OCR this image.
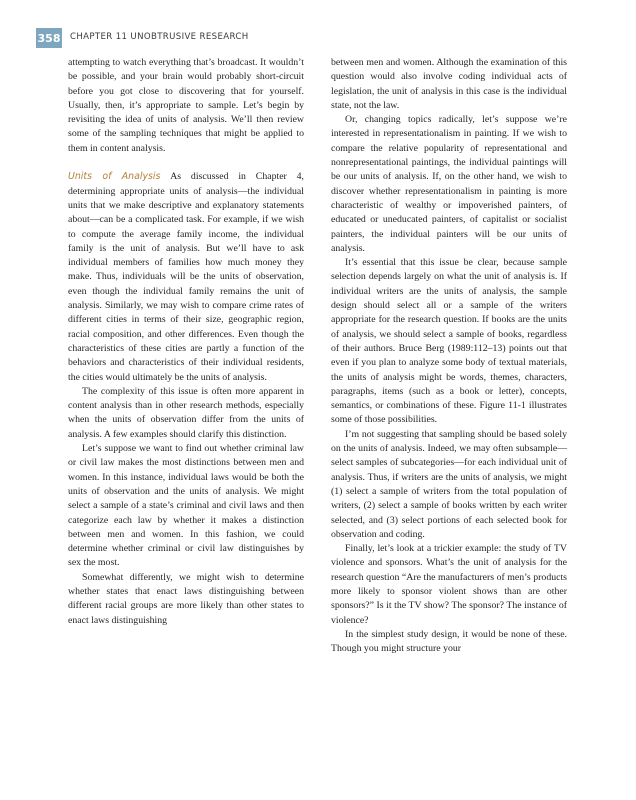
358 CHAPTER 11 UNOBTRUSIVE RESEARCH

attempting to watch everything that’s broadcast. It wouldn’t be possible, and your brain would probably short-circuit before you got close to discovering that for yourself. Usually, then, it’s appropriate to sample. Let’s begin by revisiting the idea of units of analysis. We’ll then review some of the sampling techniques that might be applied to them in content analysis.

Units of Analysis  As discussed in Chapter 4, determining appropriate units of analysis—the individual units that we make descriptive and explanatory statements about—can be a complicated task. For example, if we wish to compute the average family income, the individual family is the unit of analysis. But we’ll have to ask individual members of families how much money they make. Thus, individuals will be the units of observation, even though the individual family remains the unit of analysis. Similarly, we may wish to compare crime rates of different cities in terms of their size, geographic region, racial composition, and other differences. Even though the characteristics of these cities are partly a function of the behaviors and characteristics of their individual residents, the cities would ultimately be the units of analysis.

The complexity of this issue is often more apparent in content analysis than in other research methods, especially when the units of observation differ from the units of analysis. A few examples should clarify this distinction.

Let’s suppose we want to find out whether criminal law or civil law makes the most distinctions between men and women. In this instance, individual laws would be both the units of observation and the units of analysis. We might select a sample of a state’s criminal and civil laws and then categorize each law by whether it makes a distinction between men and women. In this fashion, we could determine whether criminal or civil law distinguishes by sex the most.

Somewhat differently, we might wish to determine whether states that enact laws distinguishing between different racial groups are more likely than other states to enact laws distinguishing

between men and women. Although the examination of this question would also involve coding individual acts of legislation, the unit of analysis in this case is the individual state, not the law.

Or, changing topics radically, let’s suppose we’re interested in representationalism in painting. If we wish to compare the relative popularity of representational and nonrepresentational paintings, the individual paintings will be our units of analysis. If, on the other hand, we wish to discover whether representationalism in painting is more characteristic of wealthy or impoverished painters, of educated or uneducated painters, of capitalist or socialist painters, the individual painters will be our units of analysis.

It’s essential that this issue be clear, because sample selection depends largely on what the unit of analysis is. If individual writers are the units of analysis, the sample design should select all or a sample of the writers appropriate for the research question. If books are the units of analysis, we should select a sample of books, regardless of their authors. Bruce Berg (1989:112–13) points out that even if you plan to analyze some body of textual materials, the units of analysis might be words, themes, characters, paragraphs, items (such as a book or letter), concepts, semantics, or combinations of these. Figure 11-1 illustrates some of those possibilities.

I’m not suggesting that sampling should be based solely on the units of analysis. Indeed, we may often subsample—select samples of subcategories—for each individual unit of analysis. Thus, if writers are the units of analysis, we might (1) select a sample of writers from the total population of writers, (2) select a sample of books written by each writer selected, and (3) select portions of each selected book for observation and coding.

Finally, let’s look at a trickier example: the study of TV violence and sponsors. What’s the unit of analysis for the research question “Are the manufacturers of men’s products more likely to sponsor violent shows than are other sponsors?” Is it the TV show? The sponsor? The instance of violence?

In the simplest study design, it would be none of these. Though you might structure your
